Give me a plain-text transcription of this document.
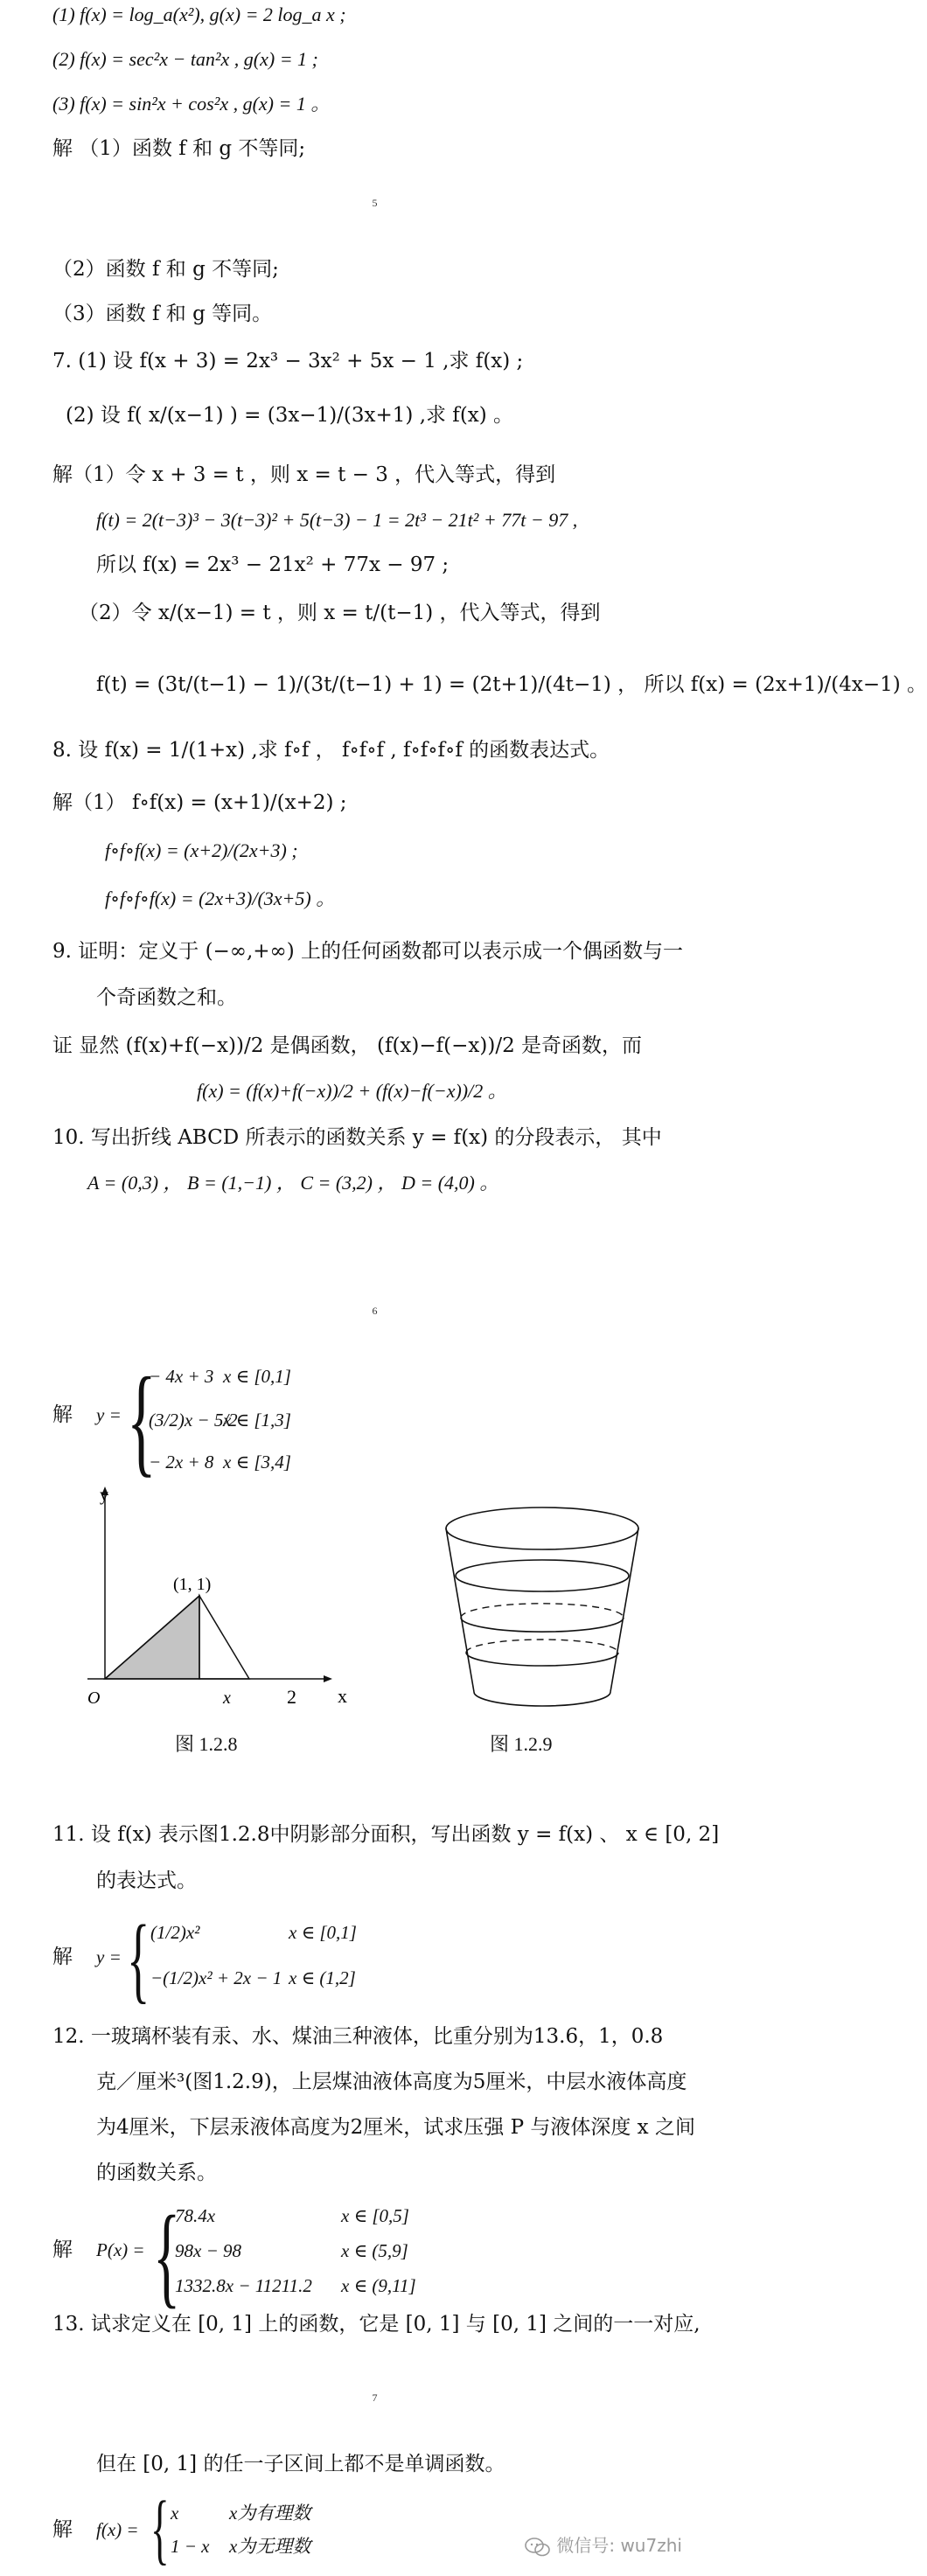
(1) f(x) = log_a(x²), g(x) = 2 log_a x ;
(2) f(x) = sec²x − tan²x , g(x) = 1 ;
(3) f(x) = sin²x + cos²x , g(x) = 1 。
解 （1）函数 f 和 g 不等同;
5
（2）函数 f 和 g 不等同;
（3）函数 f 和 g 等同。
7. (1) 设 f(x + 3) = 2x³ − 3x² + 5x − 1 ,求 f(x) ;
(2) 设 f( x/(x−1) ) = (3x−1)/(3x+1) ,求 f(x) 。
解（1）令 x + 3 = t ，则 x = t − 3 ，代入等式，得到
f(t) = 2(t−3)³ − 3(t−3)² + 5(t−3) − 1 = 2t³ − 21t² + 77t − 97 ,
所以 f(x) = 2x³ − 21x² + 77x − 97 ;
（2）令 x/(x−1) = t ，则 x = t/(t−1) ，代入等式，得到
f(t) = (3t/(t−1) − 1)/(3t/(t−1) + 1) = (2t+1)/(4t−1) ， 所以 f(x) = (2x+1)/(4x−1) 。
8. 设 f(x) = 1/(1+x) ,求 f∘f ， f∘f∘f , f∘f∘f∘f 的函数表达式。
解（1） f∘f(x) = (x+1)/(x+2) ;
f∘f∘f(x) = (x+2)/(2x+3) ;
f∘f∘f∘f(x) = (2x+3)/(3x+5) 。
9. 证明：定义于 (−∞,+∞) 上的任何函数都可以表示成一个偶函数与一
个奇函数之和。
证 显然 (f(x)+f(−x))/2 是偶函数， (f(x)−f(−x))/2 是奇函数，而
f(x) = (f(x)+f(−x))/2 + (f(x)−f(−x))/2 。
10. 写出折线 ABCD 所表示的函数关系 y = f(x) 的分段表示， 其中
A = (0,3) ， B = (1,−1) ， C = (3,2) ， D = (4,0) 。
6
解 y = {
− 4x + 3 x ∈ [0,1]
(3/2)x − 5/2
x ∈ [1,3]
− 2x + 8 x ∈ [3,4]
y
x
O
(1, 1)
x	2
图 1.2.8	图 1.2.9
11. 设 f(x) 表示图1.2.8中阴影部分面积，写出函数 y = f(x) 、 x ∈ [0, 2]
的表达式。
解 y = { (1/2)x²	x ∈ [0,1]
−(1/2)x² + 2x − 1 x ∈ (1,2]
12. 一玻璃杯装有汞、水、煤油三种液体，比重分别为13.6，1，0.8
克／厘米³(图1.2.9)，上层煤油液体高度为5厘米，中层水液体高度
为4厘米，下层汞液体高度为2厘米，试求压强 P 与液体深度 x 之间
的函数关系。
解 P(x) = {
78.4x	x ∈ [0,5]
98x − 98	x ∈ (5,9]
1332.8x − 11211.2 x ∈ (9,11]
13. 试求定义在 [0, 1] 上的函数，它是 [0, 1] 与 [0, 1] 之间的一一对应,
7
但在 [0, 1] 的任一子区间上都不是单调函数。
解 f(x) = { x	x为有理数
1 − x x为无理数	微信号: wu7zhi
